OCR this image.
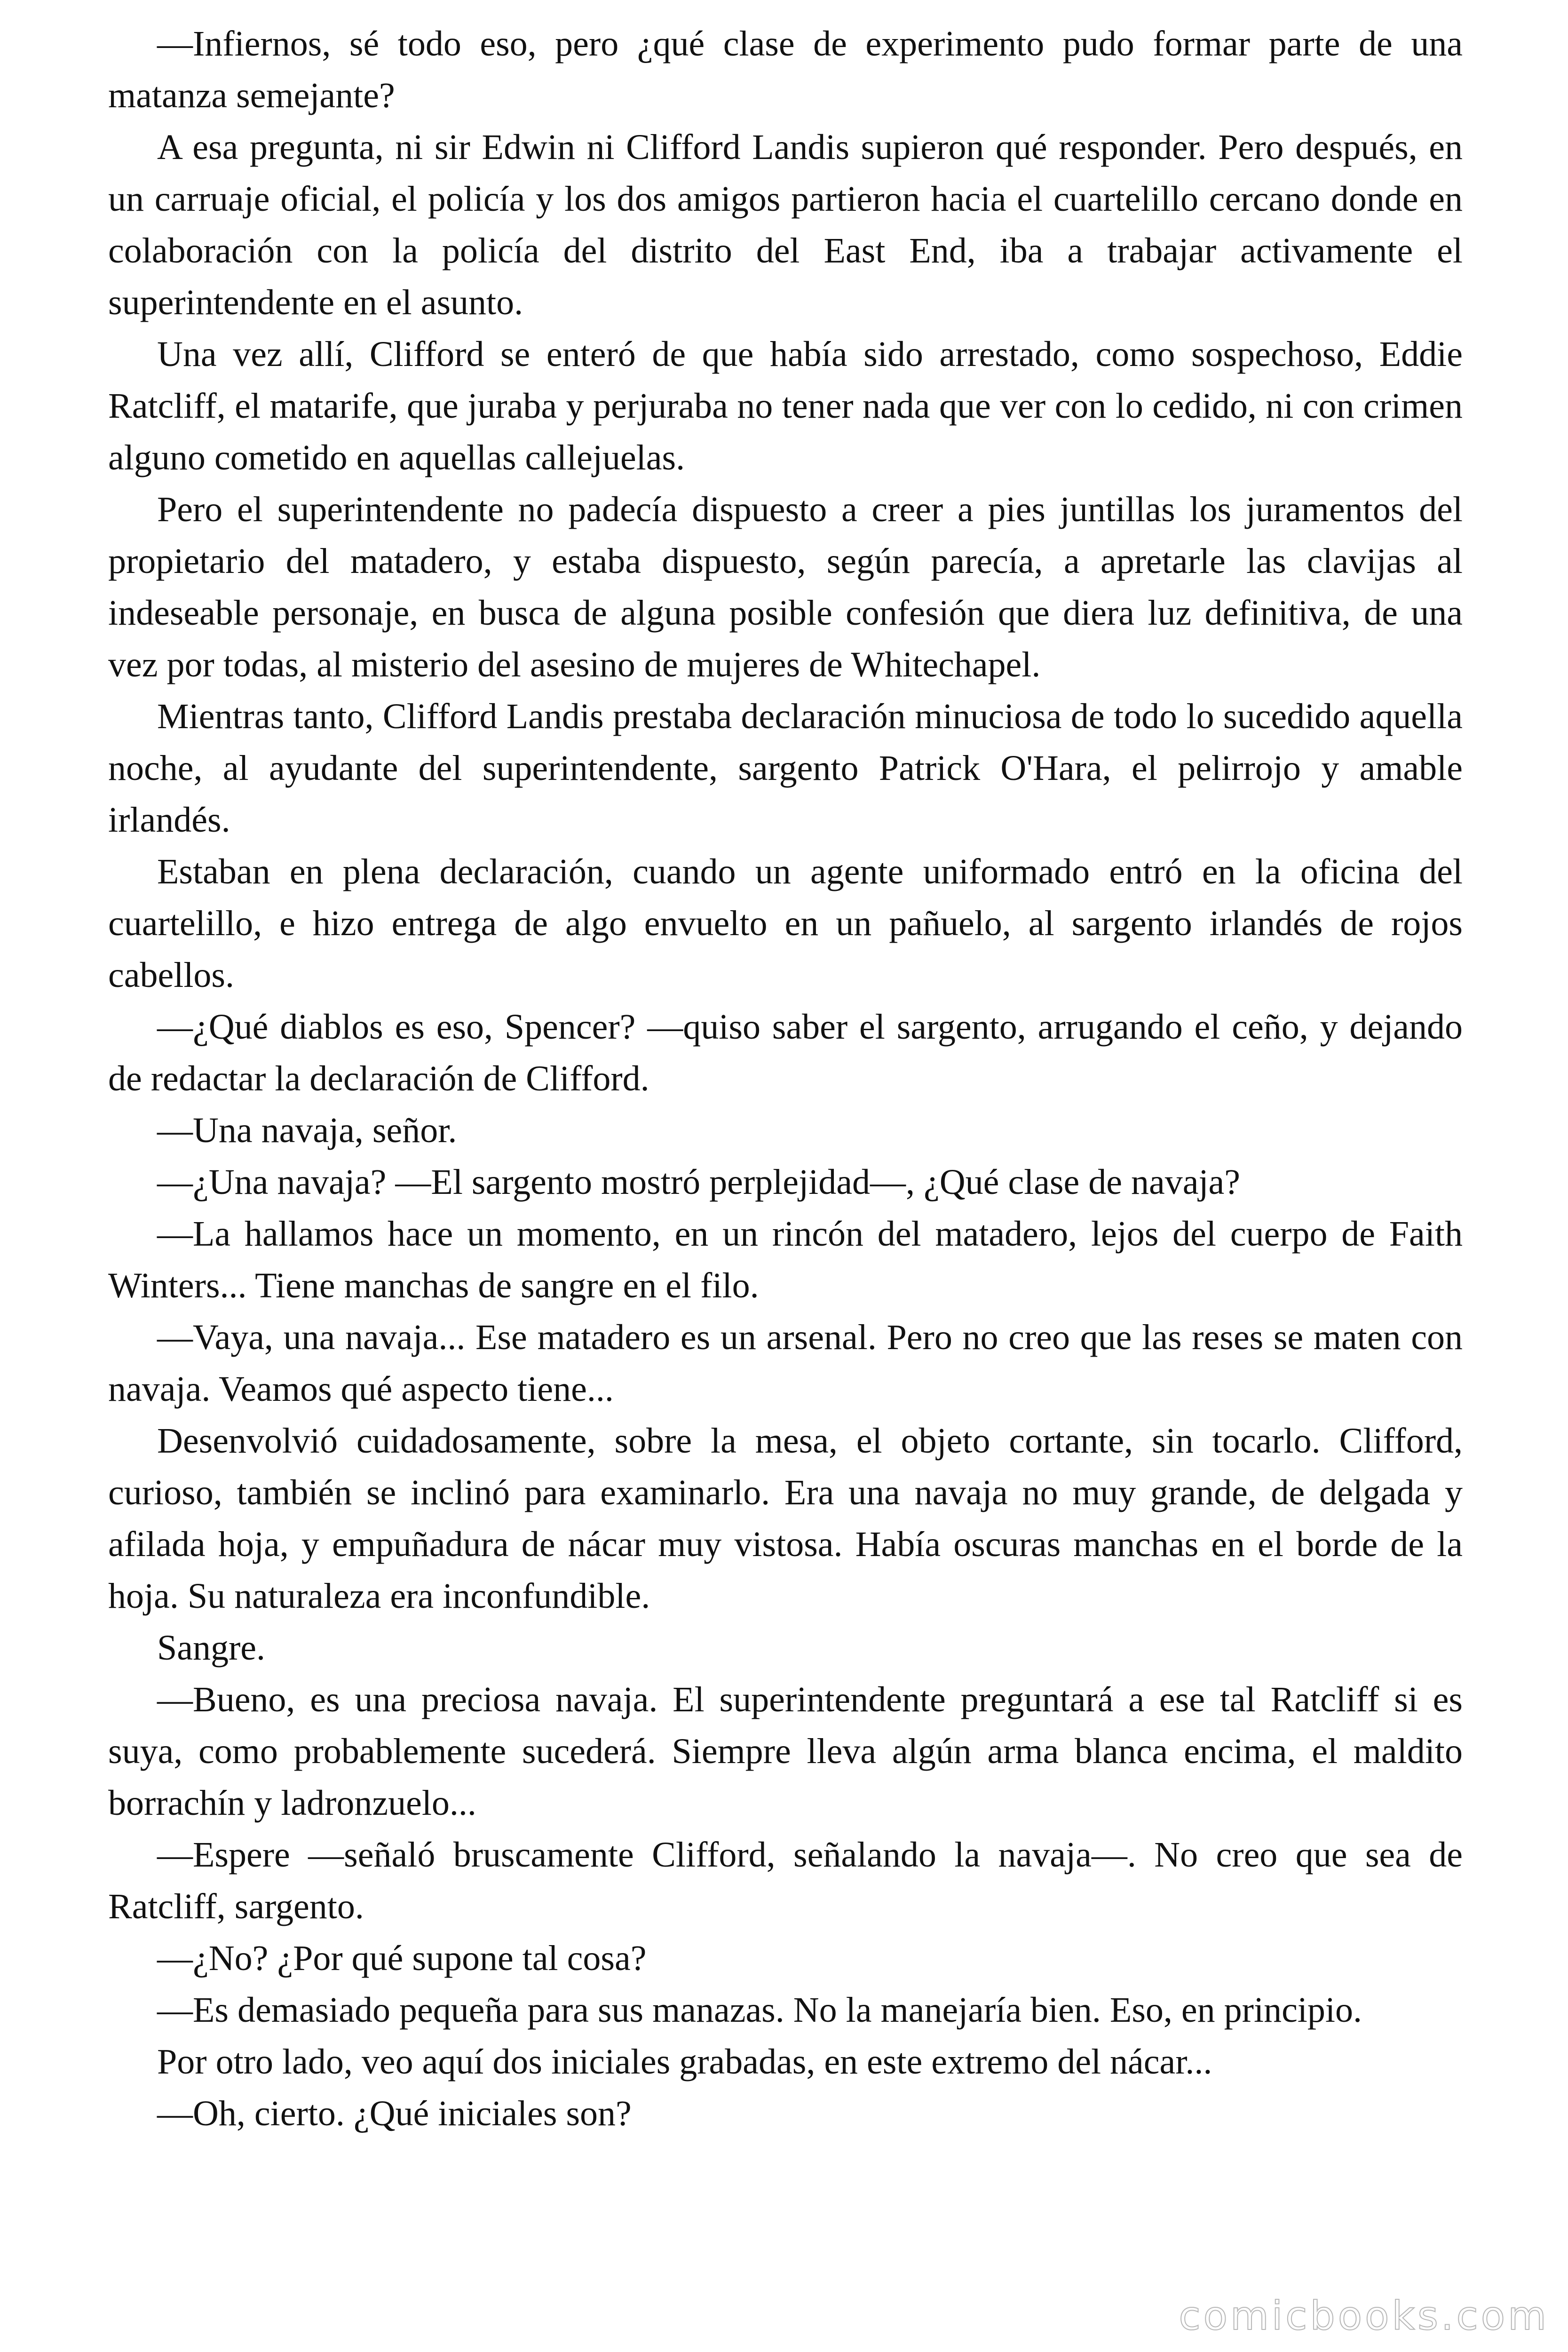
—Infiernos, sé todo eso, pero ¿qué clase de experimento pudo formar parte de una matanza semejante?

A esa pregunta, ni sir Edwin ni Clifford Landis supieron qué responder. Pero después, en un carruaje oficial, el policía y los dos amigos partieron hacia el cuartelillo cercano donde en colaboración con la policía del distrito del East End, iba a trabajar activamente el superintendente en el asunto.

Una vez allí, Clifford se enteró de que había sido arrestado, como sospechoso, Eddie Ratcliff, el matarife, que juraba y perjuraba no tener nada que ver con lo cedido, ni con crimen alguno cometido en aquellas callejuelas.

Pero el superintendente no padecía dispuesto a creer a pies juntillas los juramentos del propietario del matadero, y estaba dispuesto, según parecía, a apretarle las clavijas al indeseable personaje, en busca de alguna posible confesión que diera luz definitiva, de una vez por todas, al misterio del asesino de mujeres de Whitechapel.

Mientras tanto, Clifford Landis prestaba declaración minuciosa de todo lo sucedido aquella noche, al ayudante del superintendente, sargento Patrick O'Hara, el pelirrojo y amable irlandés.

Estaban en plena declaración, cuando un agente uniformado entró en la oficina del cuartelillo, e hizo entrega de algo envuelto en un pañuelo, al sargento irlandés de rojos cabellos.

—¿Qué diablos es eso, Spencer? —quiso saber el sargento, arrugando el ceño, y dejando de redactar la declaración de Clifford.

—Una navaja, señor.

—¿Una navaja? —El sargento mostró perplejidad—, ¿Qué clase de navaja?

—La hallamos hace un momento, en un rincón del matadero, lejos del cuerpo de Faith Winters... Tiene manchas de sangre en el filo.

—Vaya, una navaja... Ese matadero es un arsenal. Pero no creo que las reses se maten con navaja. Veamos qué aspecto tiene...

Desenvolvió cuidadosamente, sobre la mesa, el objeto cortante, sin tocarlo. Clifford, curioso, también se inclinó para examinarlo. Era una navaja no muy grande, de delgada y afilada hoja, y empuñadura de nácar muy vistosa. Había oscuras manchas en el borde de la hoja. Su naturaleza era inconfundible.

Sangre.

—Bueno, es una preciosa navaja. El superintendente preguntará a ese tal Ratcliff si es suya, como probablemente sucederá. Siempre lleva algún arma blanca encima, el maldito borrachín y ladronzuelo...

—Espere —señaló bruscamente Clifford, señalando la navaja—. No creo que sea de Ratcliff, sargento.

—¿No? ¿Por qué supone tal cosa?

—Es demasiado pequeña para sus manazas. No la manejaría bien. Eso, en principio.

Por otro lado, veo aquí dos iniciales grabadas, en este extremo del nácar...

—Oh, cierto. ¿Qué iniciales son?

comicbooks.com
